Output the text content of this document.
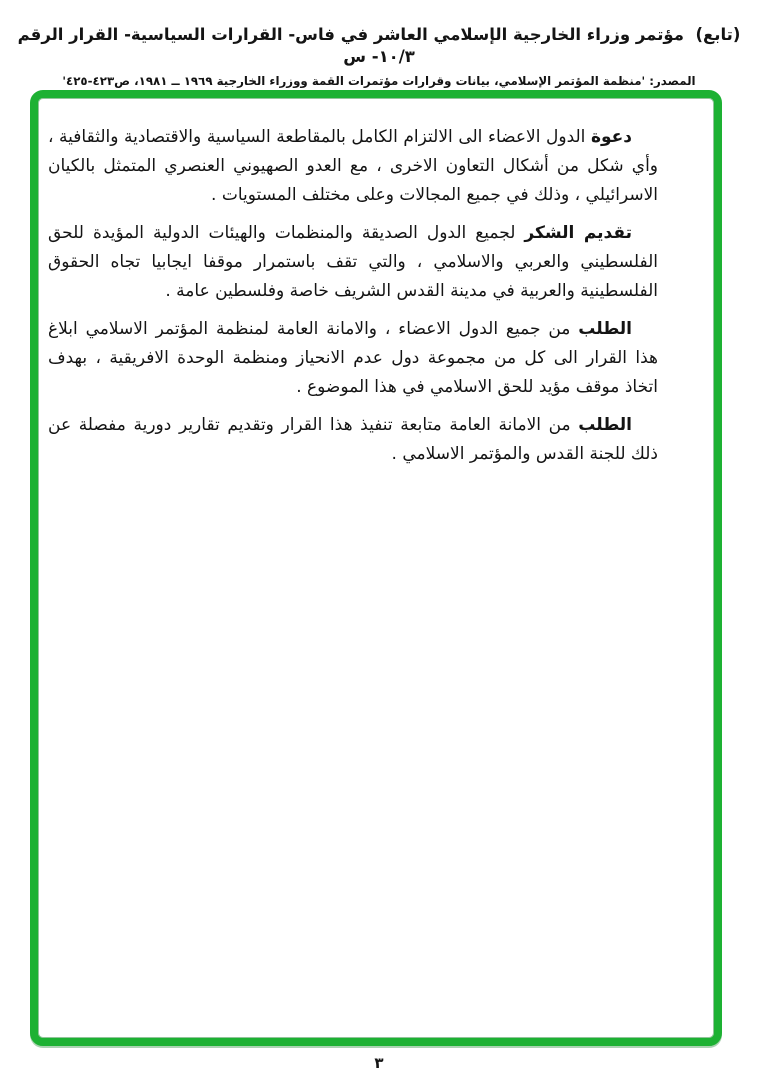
(تابع)  مؤتمر وزراء الخارجية الإسلامي العاشر في فاس- القرارات السياسية- القرار الرقم ١٠/٣- س
المصدر: 'منظمة المؤتمر الإسلامي، بيانات وقرارات مؤتمرات القمة ووزراء الخارجية ١٩٦٩ ــ ١٩٨١، ص٤٢٣-٤٢٥'

دعوة الدول الاعضاء الى الالتزام الكامل بالمقاطعة السياسية والاقتصادية والثقافية ، وأي شكل من أشكال التعاون الاخرى ، مع العدو الصهيوني العنصري المتمثل بالكيان الاسرائيلي ، وذلك في جميع المجالات وعلى مختلف المستويات .

تقديم الشكر لجميع الدول الصديقة والمنظمات والهيئات الدولية المؤيدة للحق الفلسطيني والعربي والاسلامي ، والتي تقف باستمرار موقفا ايجابيا تجاه الحقوق الفلسطينية والعربية في مدينة القدس الشريف خاصة وفلسطين عامة .

الطلب من جميع الدول الاعضاء ، والامانة العامة لمنظمة المؤتمر الاسلامي ابلاغ هذا القرار الى كل من مجموعة دول عدم الانحياز ومنظمة الوحدة الافريقية ، بهدف اتخاذ موقف مؤيد للحق الاسلامي في هذا الموضوع .

الطلب من الامانة العامة متابعة تنفيذ هذا القرار وتقديم تقارير دورية مفصلة عن ذلك للجنة القدس والمؤتمر الاسلامي .

٣
